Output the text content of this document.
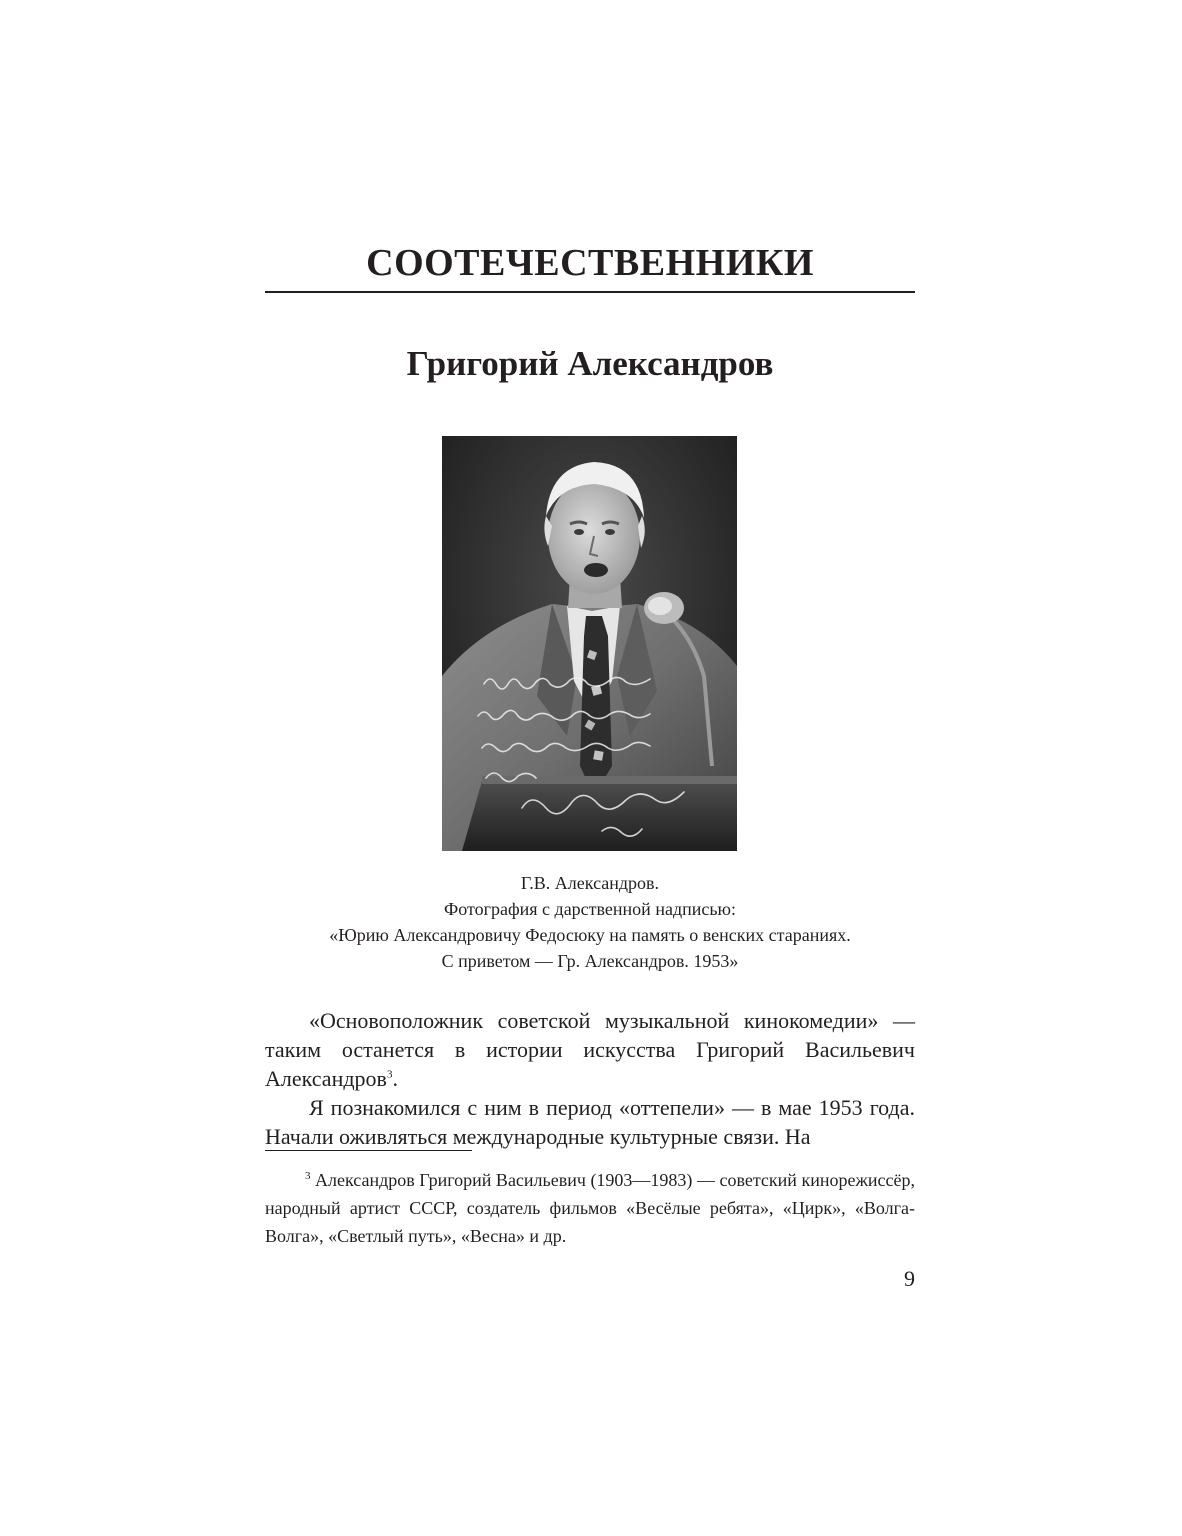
СООТЕЧЕСТВЕННИКИ
Григорий Александров
Г.В. Александров.
Фотография с дарственной надписью:
«Юрию Александровичу Федосюку на память о венских стараниях.
С приветом — Гр. Александров. 1953»

«Основоположник советской музыкальной кинокомедии» — таким останется в истории искусства Григорий Васильевич Александров$^3$.

Я познакомился с ним в период «оттепели» — в мае 1953 года. Начали оживляться международные культурные связи. На

$^3$ Александров Григорий Васильевич (1903—1983) — советский кинорежиссёр, народный артист СССР, создатель фильмов «Весёлые ребята», «Цирк», «Волга-Волга», «Светлый путь», «Весна» и др.

9
